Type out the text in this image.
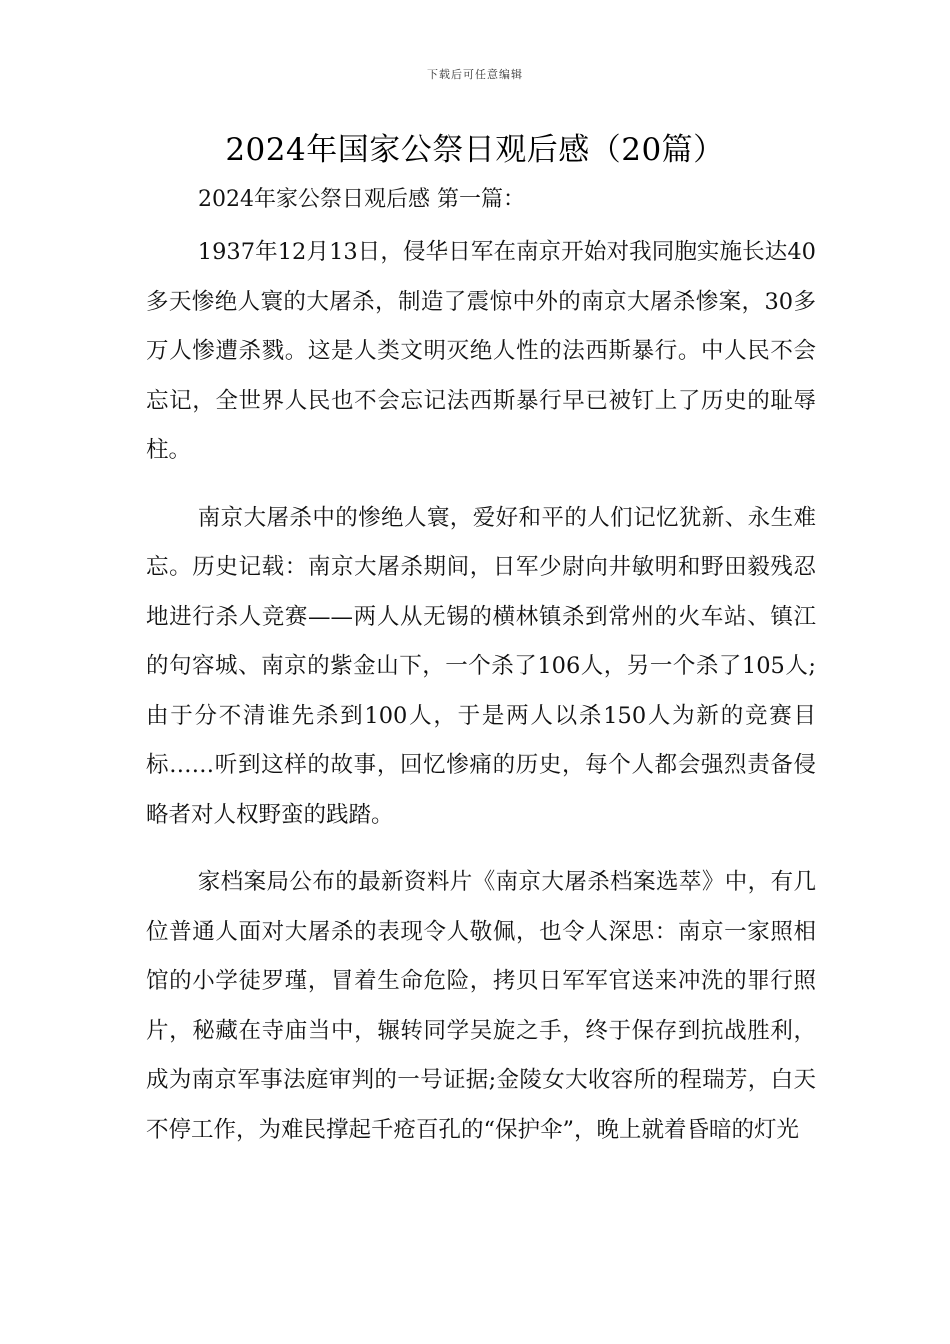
下载后可任意编辑
2024年国家公祭日观后感（20篇）
2024年家公祭日观后感 第一篇：

1937年12月13日，侵华日军在南京开始对我同胞实施长达40多天惨绝人寰的大屠杀，制造了震惊中外的南京大屠杀惨案，30多万人惨遭杀戮。这是人类文明灭绝人性的法西斯暴行。中人民不会忘记，全世界人民也不会忘记法西斯暴行早已被钉上了历史的耻辱柱。

南京大屠杀中的惨绝人寰，爱好和平的人们记忆犹新、永生难忘。历史记载：南京大屠杀期间，日军少尉向井敏明和野田毅残忍地进行杀人竞赛——两人从无锡的横林镇杀到常州的火车站、镇江的句容城、南京的紫金山下，一个杀了106人，另一个杀了105人;由于分不清谁先杀到100人，于是两人以杀150人为新的竞赛目标……听到这样的故事，回忆惨痛的历史，每个人都会强烈责备侵略者对人权野蛮的践踏。

家档案局公布的最新资料片《南京大屠杀档案选萃》中，有几位普通人面对大屠杀的表现令人敬佩，也令人深思：南京一家照相馆的小学徒罗瑾，冒着生命危险，拷贝日军军官送来冲洗的罪行照片，秘藏在寺庙当中，辗转同学吴旋之手，终于保存到抗战胜利，成为南京军事法庭审判的一号证据;金陵女大收容所的程瑞芳，白天不停工作，为难民撑起千疮百孔的“保护伞”，晚上就着昏暗的灯光
